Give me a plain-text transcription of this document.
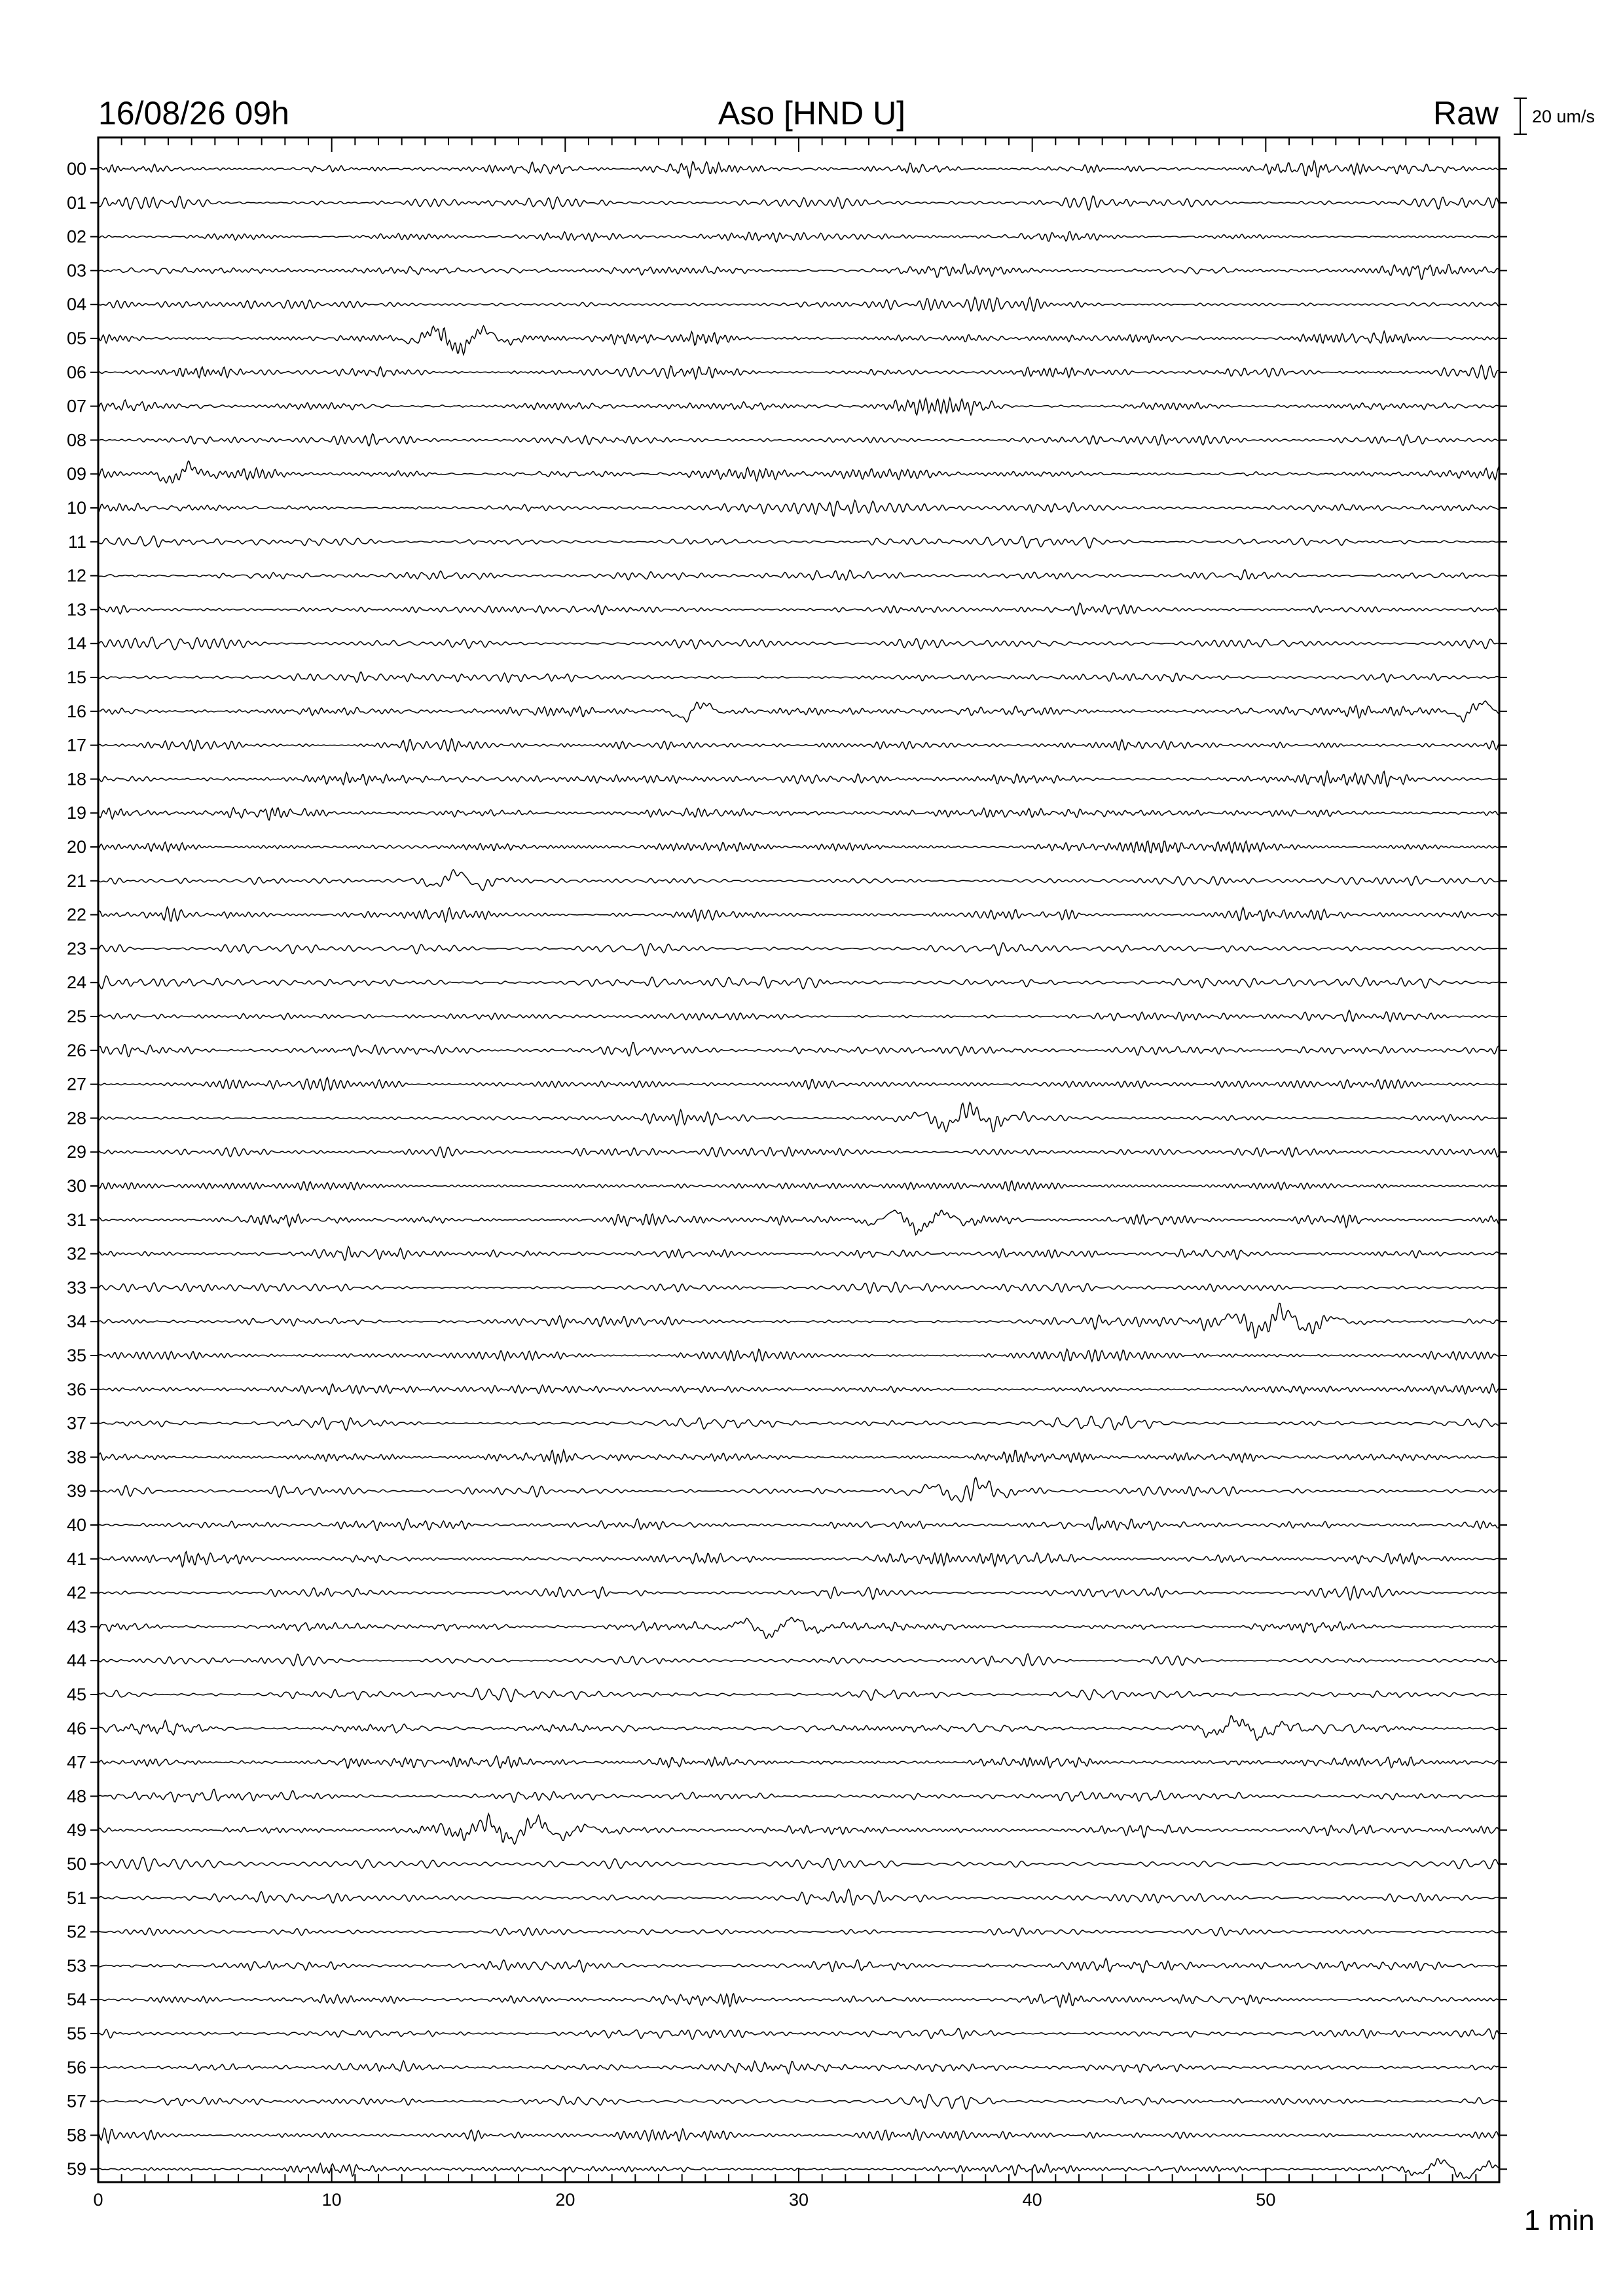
16/08/26 09h	Aso [HND U]	Raw 20 um/s
1 min
0	10	20	30	40	50
00
01
02
03
04
05
06
07
08
09
10
11
12
13
14
15
16
17
18
19
20
21
22
23
24
25
26
27
28
29
30
31
32
33
34
35
36
37
38
39
40
41
42
43
44
45
46
47
48
49
50
51
52
53
54
55
56
57
58
59
